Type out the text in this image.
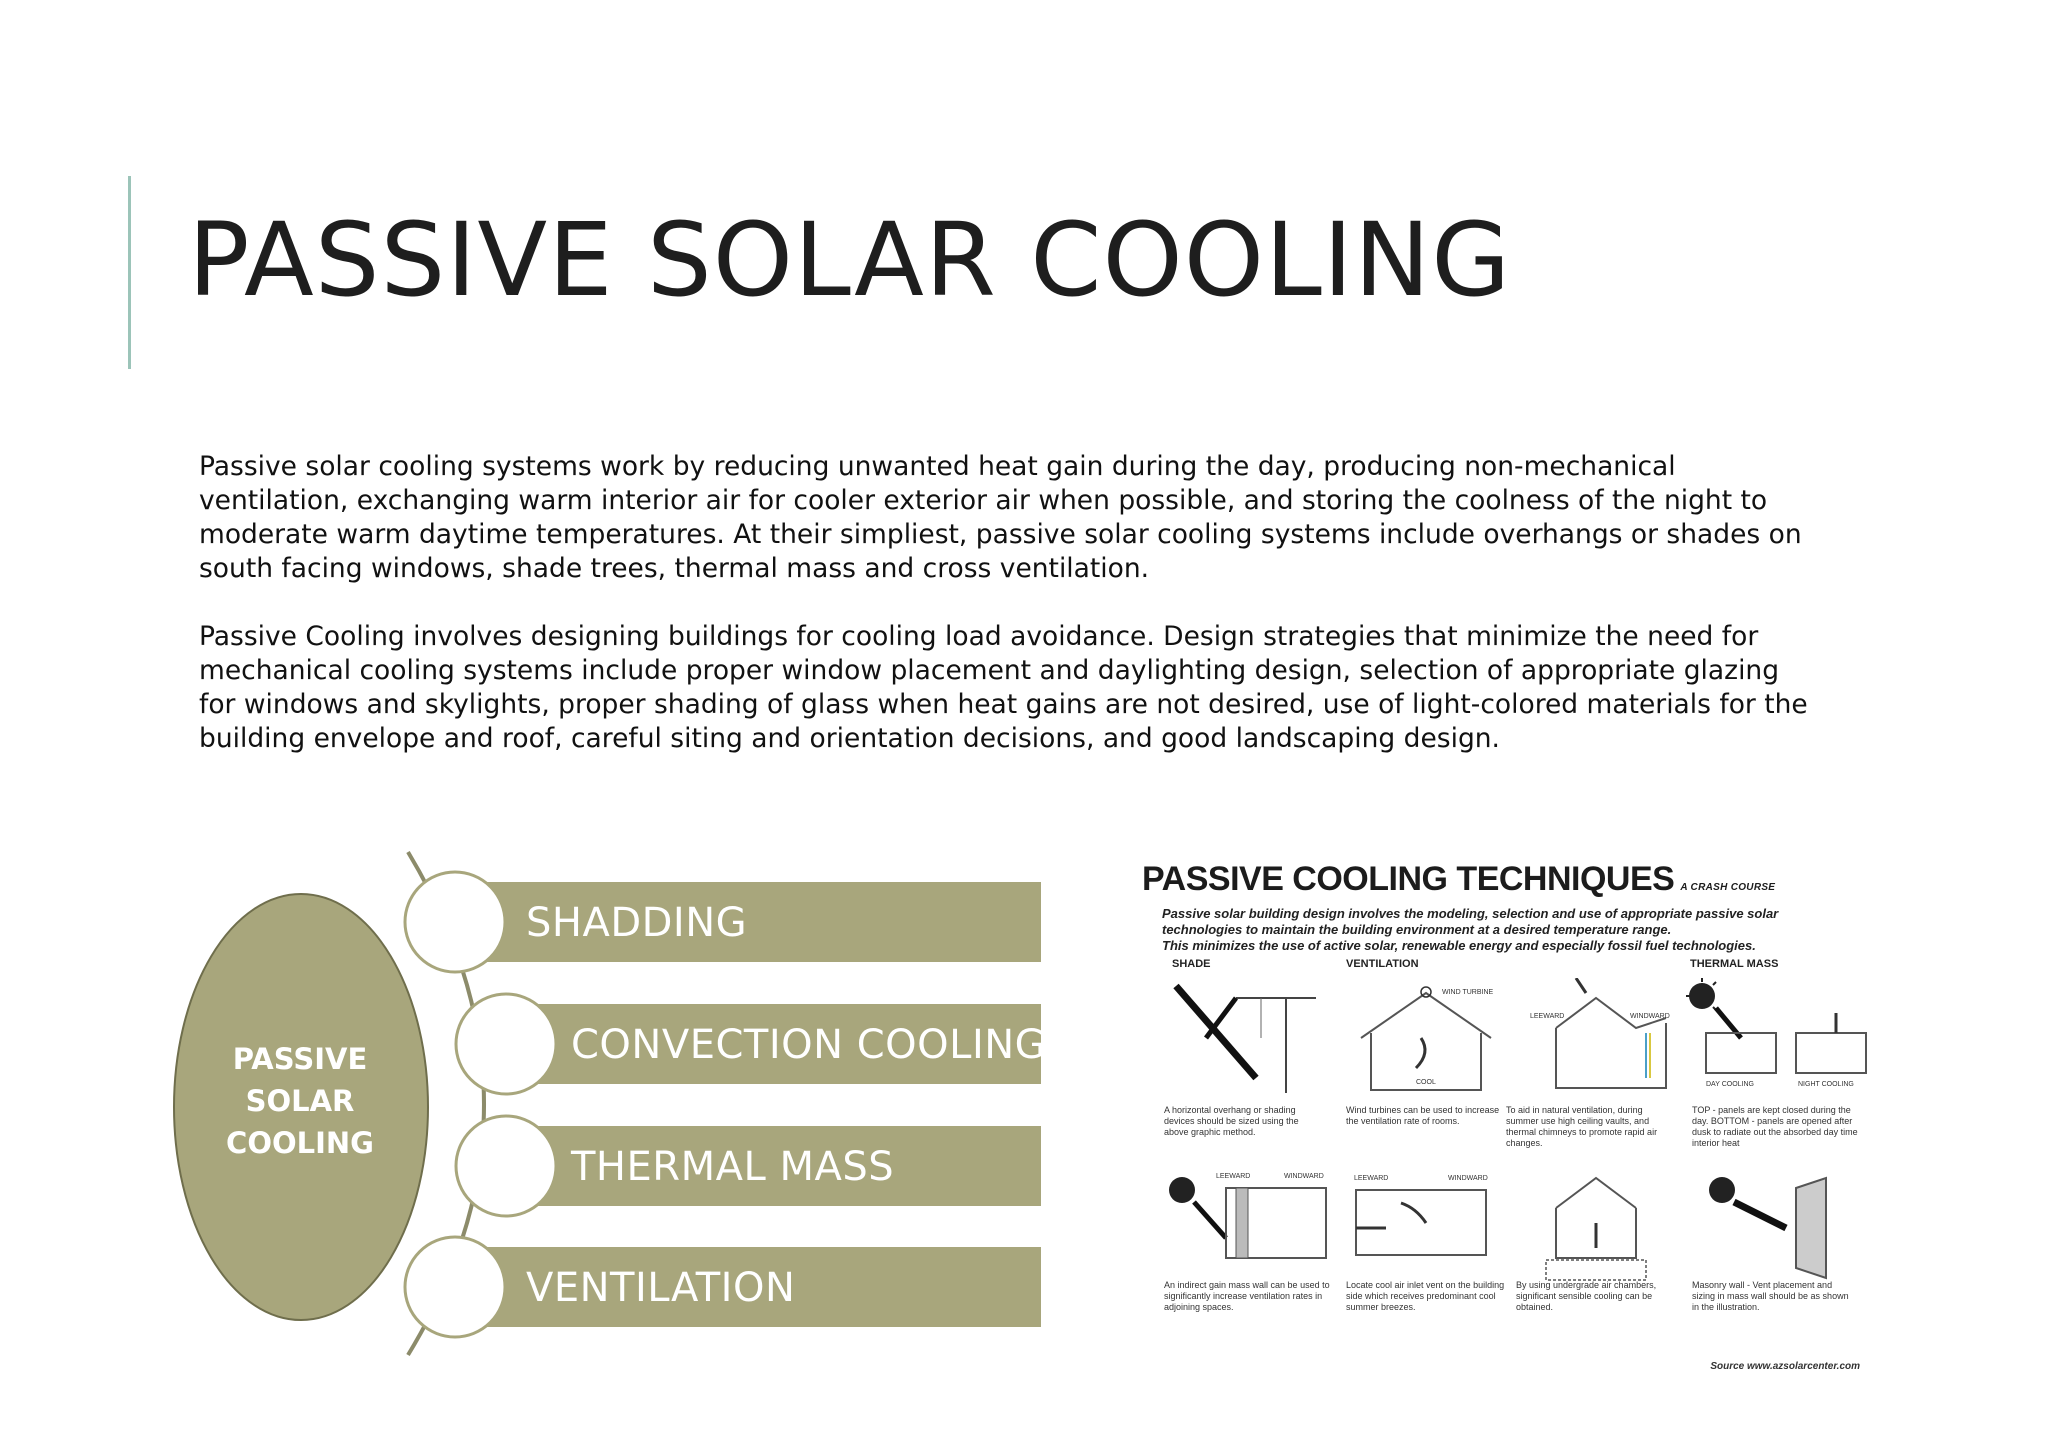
PASSIVE SOLAR COOLING

Passive solar cooling systems work by reducing unwanted heat gain during the day, producing non-mechanical ventilation, exchanging warm interior air for cooler exterior air when possible, and storing the coolness of the night to moderate warm daytime temperatures. At their simpliest, passive solar cooling systems include overhangs or shades on south facing windows, shade trees, thermal mass and cross ventilation.

Passive Cooling involves designing buildings for cooling load avoidance. Design strategies that minimize the need for mechanical cooling systems include proper window placement and daylighting design, selection of appropriate glazing for windows and skylights, proper shading of glass when heat gains are not desired, use of light-colored materials for the building envelope and roof, careful siting and orientation decisions, and good landscaping design.

PASSIVE
SOLAR
COOLING
SHADDING
CONVECTION COOLING
THERMAL MASS
VENTILATION
PASSIVE COOLING TECHNIQUES A CRASH COURSE
Passive solar building design involves the modeling, selection and use of appropriate passive solar
technologies to maintain the building environment at a desired temperature range.
This minimizes the use of active solar, renewable energy and especially fossil fuel technologies.
SHADE	VENTILATION	THERMAL MASS
WIND TURBINE
COOL
LEEWARD	WINDWARD
DAY COOLING	NIGHT COOLING
A horizontal overhang or shading devices should be sized using the above graphic method.
Wind turbines can be used to increase the ventilation rate of rooms.
To aid in natural ventilation, during summer use high ceiling vaults, and thermal chimneys to promote rapid air changes.
TOP - panels are kept closed during the day. BOTTOM - panels are opened after dusk to radiate out the absorbed day time interior heat
LEEWARD	WINDWARD	LEEWARD	WINDWARD
An indirect gain mass wall can be used to significantly increase ventilation rates in adjoining spaces.
Locate cool air inlet vent on the building side which receives predominant cool summer breezes.
By using undergrade air chambers, significant sensible cooling can be obtained.
Masonry wall - Vent placement and sizing in mass wall should be as shown in the illustration.
Source www.azsolarcenter.com
